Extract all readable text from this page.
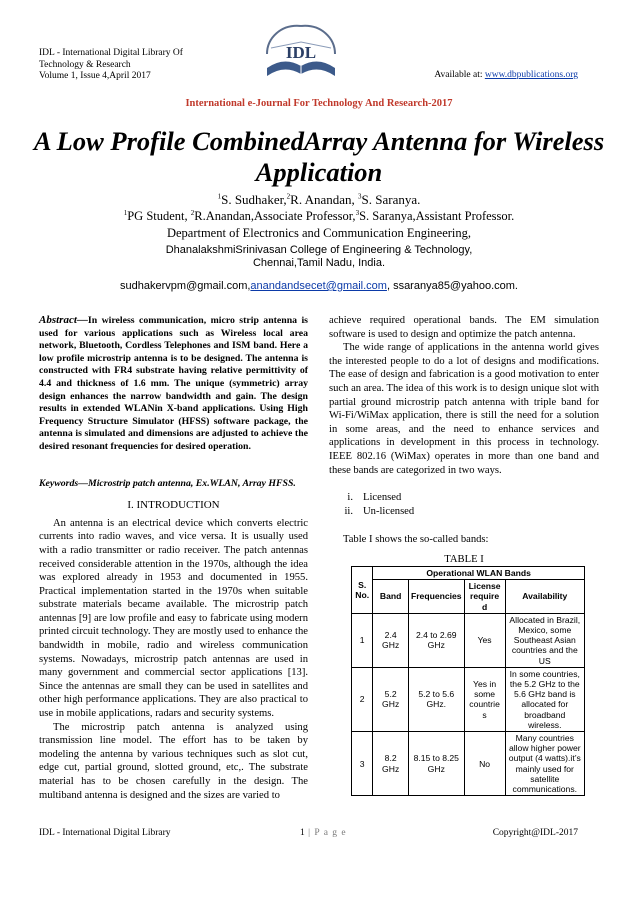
IDL - International Digital Library Of
Technology & Research
Volume 1, Issue 4,April 2017
IDL
Available at: www.dbpublications.org
International e-Journal For Technology And Research-2017
A Low Profile CombinedArray Antenna for Wireless Application
$^1$S. Sudhaker,$^2$R. Anandan, $^3$S. Saranya.
$^1$PG Student, $^2$R.Anandan,Associate Professor,$^3$S. Saranya,Assistant Professor.
Department of Electronics and Communication Engineering,
DhanalakshmiSrinivasan College of Engineering & Technology,
Chennai,Tamil Nadu, India.
sudhakervpm@gmail.com,anandandsecet@gmail.com, ssaranya85@yahoo.com.
Abstract—In wireless communication, micro strip antenna is used for various applications such as Wireless local area network, Bluetooth, Cordless Telephones and ISM band. Here a low profile microstrip antenna is to be designed. The antenna is constructed with FR4 substrate having relative permittivity of 4.4 and thickness of 1.6 mm. The unique (symmetric) array design enhances the narrow bandwidth and gain. The design results in extended WLANin X-band applications. Using High Frequency Structure Simulator (HFSS) software package, the antenna is simulated and dimensions are adjusted to achieve the desired resonant frequencies for desired operation.
Keywords—Microstrip patch antenna, Ex.WLAN, Array HFSS.
I. INTRODUCTION
An antenna is an electrical device which converts electric currents into radio waves, and vice versa. It is usually used with a radio transmitter or radio receiver. The patch antennas received considerable attention in the 1970s, although the idea was explored already in 1953 and documented in 1955. Practical implementation started in the 1970s when suitable substrate materials became available. The microstrip patch antennas [9] are low profile and easy to fabricate using modern printed circuit technology. They are mostly used to enhance the bandwidth in mobile, radio and wireless communication systems. Nowadays, microstrip patch antennas are used in many government and commercial sector applications [13]. Since the antennas are small they can be used in satellites and other high performance applications. They are also practical to use in mobile applications, radars and security systems.
The microstrip patch antenna is analyzed using transmission line model. The effort has to be taken by modeling the antenna by various techniques such as slot cut, edge cut, partial ground, slotted ground, etc,. The substrate material has to be chosen carefully in the design. The multiband antenna is designed and the sizes are varied to
achieve required operational bands. The EM simulation software is used to design and optimize the patch antenna.
The wide range of applications in the antenna world gives the interested people to do a lot of designs and modifications. The ease of design and fabrication is a good motivation to enter such an area. The idea of this work is to design unique slot with partial ground microstrip patch antenna with triple band for Wi-Fi/WiMax application, there is still the need for a solution in some areas, and the need to enhance services and applications in development in this process in technology. IEEE 802.16 (WiMax) operates in more than one band and these bands are categorized in two ways.
i. Licensed
ii. Un-licensed
Table I shows the so-called bands:
TABLE I
S. No.	Operational WLAN Bands			
	Band	Frequencies	License require d	Availability
1	2.4 GHz	2.4 to 2.69 GHz	Yes	Allocated in Brazil, Mexico, some Southeast Asian countries and the US
2	5.2 GHz	5.2 to 5.6 GHz.	Yes in some countrie s	In some countries, the 5.2 GHz to the 5.6 GHz band is allocated for broadband wireless.
3	8.2 GHz	8.15 to 8.25 GHz	No	Many countries allow higher power output (4 watts).it’s mainly used for satellite communications.
IDL - International Digital Library	1 | P a g e	Copyright@IDL-2017
